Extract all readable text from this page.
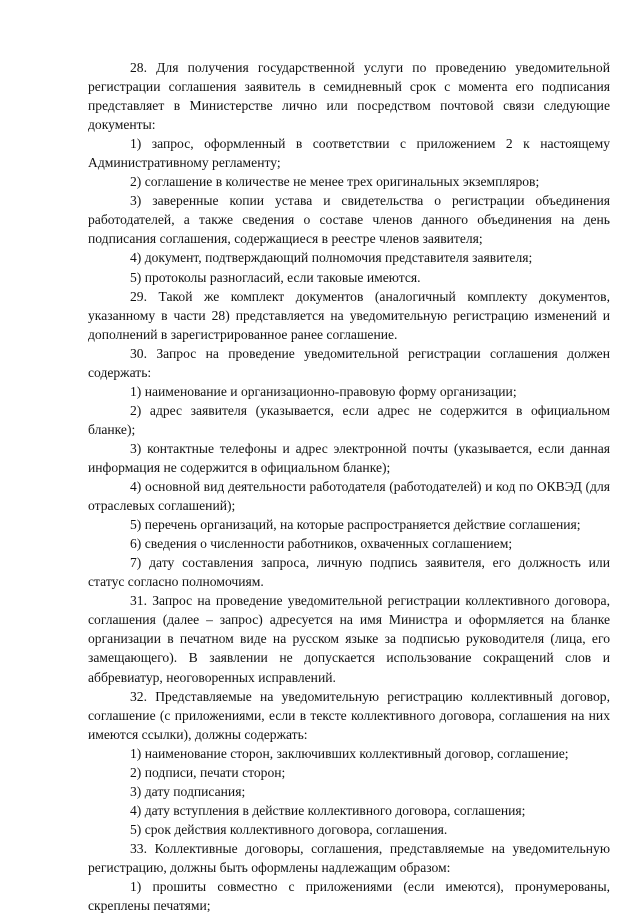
28. Для получения государственной услуги по проведению уведомительной регистрации соглашения заявитель в семидневный срок с момента его подписания представляет в Министерстве лично или посредством почтовой связи следующие документы:

1) запрос, оформленный в соответствии с приложением 2 к настоящему Административному регламенту;

2) соглашение в количестве не менее трех оригинальных экземпляров;

3) заверенные копии устава и свидетельства о регистрации объединения работодателей, а также сведения о составе членов данного объединения на день подписания соглашения, содержащиеся в реестре членов заявителя;

4) документ, подтверждающий полномочия представителя заявителя;

5) протоколы разногласий, если таковые имеются.

29. Такой же комплект документов (аналогичный комплекту документов, указанному в части 28) представляется на уведомительную регистрацию изменений и дополнений в зарегистрированное ранее соглашение.

30. Запрос на проведение уведомительной регистрации соглашения должен содержать:

1) наименование и организационно-правовую форму организации;

2) адрес заявителя (указывается, если адрес не содержится в официальном бланке);

3) контактные телефоны и адрес электронной почты (указывается, если данная информация не содержится в официальном бланке);

4) основной вид деятельности работодателя (работодателей) и код по ОКВЭД (для отраслевых соглашений);

5) перечень организаций, на которые распространяется действие соглашения;

6) сведения о численности работников, охваченных соглашением;

7) дату составления запроса, личную подпись заявителя, его должность или статус согласно полномочиям.

31. Запрос на проведение уведомительной регистрации коллективного договора, соглашения (далее – запрос) адресуется на имя Министра и оформляется на бланке организации в печатном виде на русском языке за подписью руководителя (лица, его замещающего). В заявлении не допускается использование сокращений слов и аббревиатур, неоговоренных исправлений.

32. Представляемые на уведомительную регистрацию коллективный договор, соглашение (с приложениями, если в тексте коллективного договора, соглашения на них имеются ссылки), должны содержать:

1) наименование сторон, заключивших коллективный договор, соглашение;

2) подписи, печати сторон;

3) дату подписания;

4) дату вступления в действие коллективного договора, соглашения;

5) срок действия коллективного договора, соглашения.

33. Коллективные договоры, соглашения, представляемые на уведомительную регистрацию, должны быть оформлены надлежащим образом:

1) прошиты совместно с приложениями (если имеются), пронумерованы, скреплены печатями;
